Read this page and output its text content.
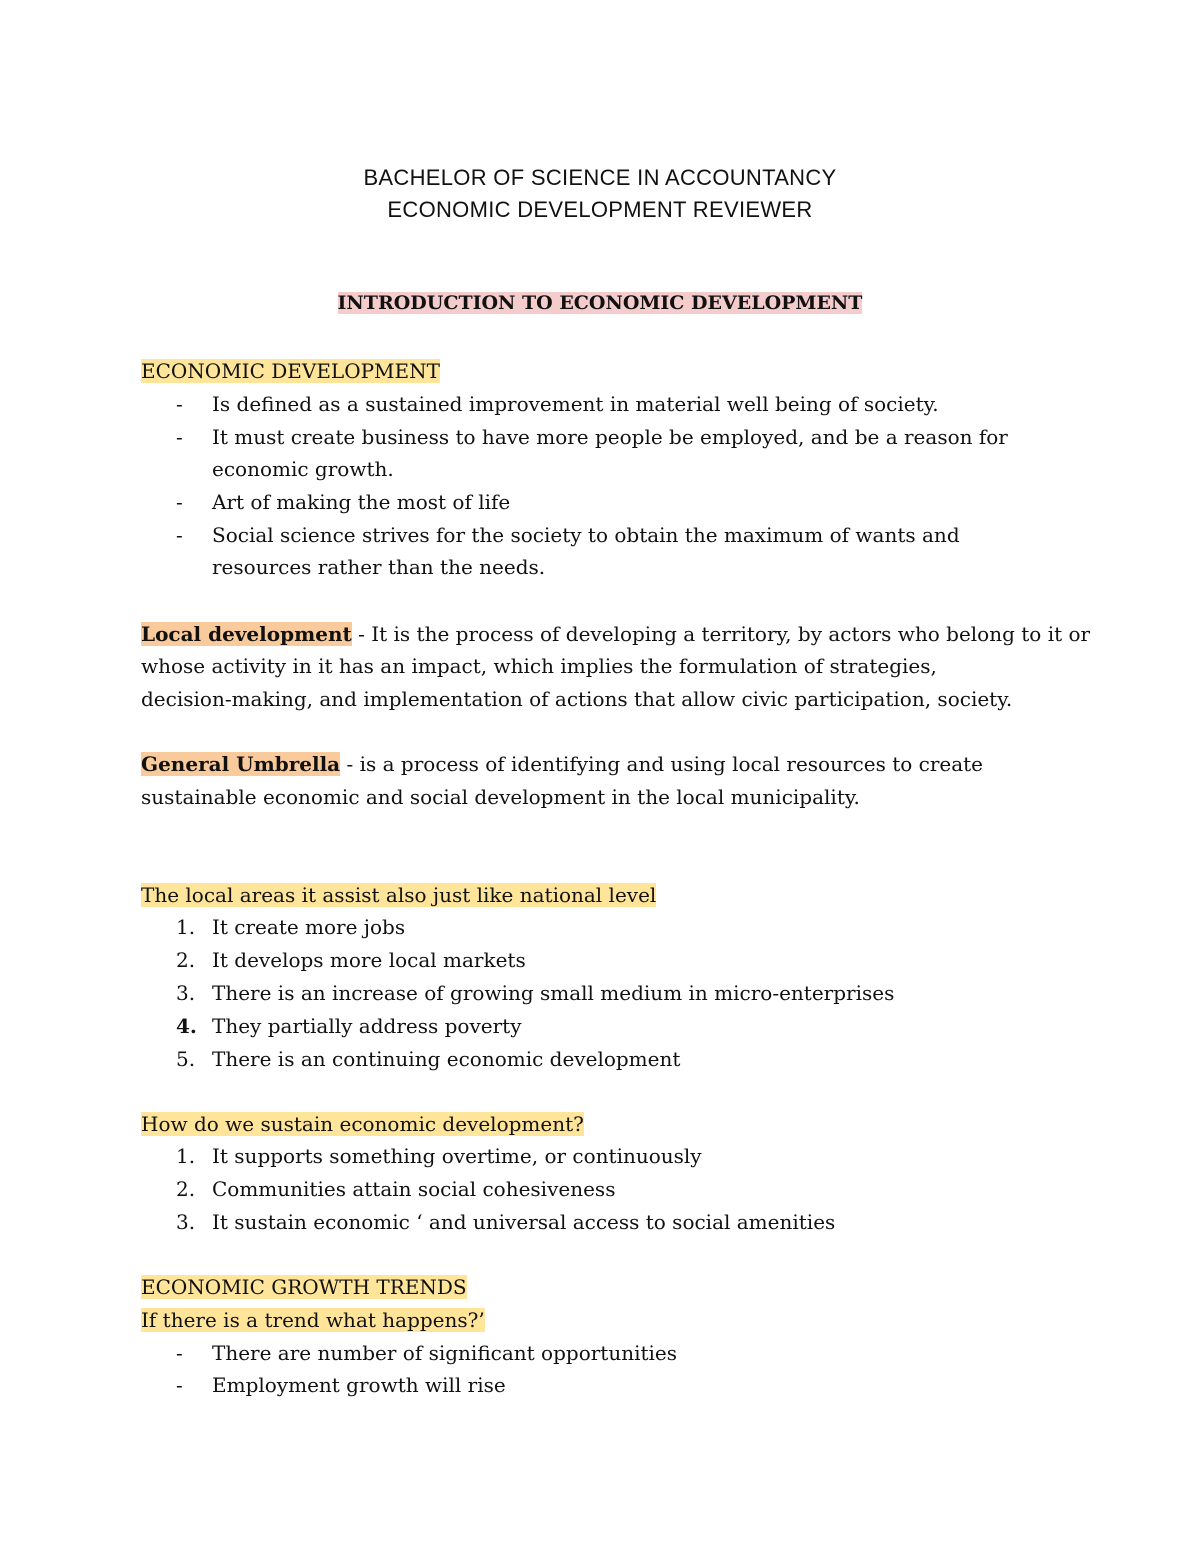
BACHELOR OF SCIENCE IN ACCOUNTANCY
ECONOMIC DEVELOPMENT REVIEWER
INTRODUCTION TO ECONOMIC DEVELOPMENT
ECONOMIC DEVELOPMENT
-	Is defined as a sustained improvement in material well being of society.
-	It must create business to have more people be employed, and be a reason for
economic growth.
-	Art of making the most of life
-	Social science strives for the society to obtain the maximum of wants and
resources rather than the needs.
Local development - It is the process of developing a territory, by actors who belong to it or
whose activity in it has an impact, which implies the formulation of strategies,
decision-making, and implementation of actions that allow civic participation, society.
General Umbrella - is a process of identifying and using local resources to create
sustainable economic and social development in the local municipality.
The local areas it assist also just like national level
1. It create more jobs
2. It develops more local markets
3. There is an increase of growing small medium in micro-enterprises
4. They partially address poverty
5. There is an continuing economic development
How do we sustain economic development?
1. It supports something overtime, or continuously
2. Communities attain social cohesiveness
3. It sustain economic ‘ and universal access to social amenities
ECONOMIC GROWTH TRENDS
If there is a trend what happens?’
-	There are number of significant opportunities
-	Employment growth will rise
